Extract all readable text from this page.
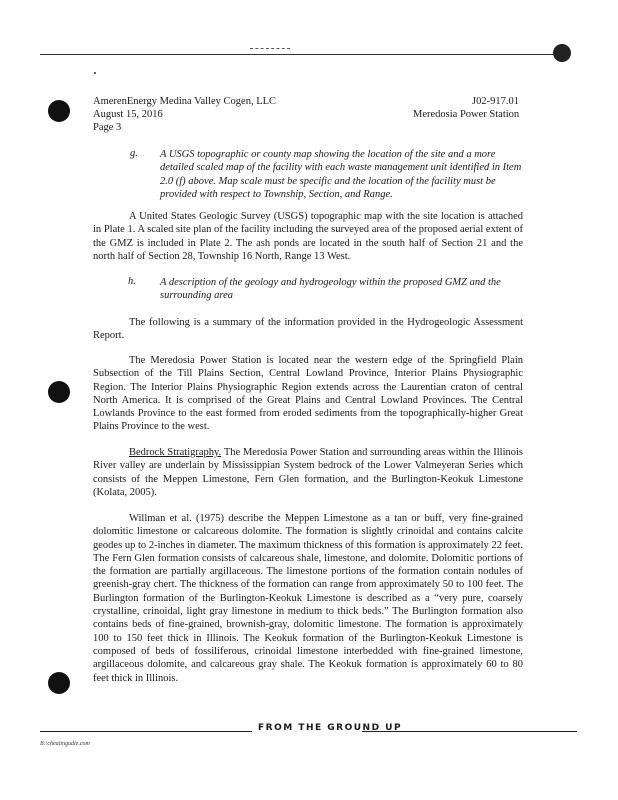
AmerenEnergy Medina Valley Cogen, LLC
August 15, 2016
Page 3
J02-917.01
Meredosia Power Station
g. A USGS topographic or county map showing the location of the site and a more detailed scaled map of the facility with each waste management unit identified in Item 2.0 (f) above. Map scale must be specific and the location of the facility must be provided with respect to Township, Section, and Range.
A United States Geologic Survey (USGS) topographic map with the site location is attached in Plate 1. A scaled site plan of the facility including the surveyed area of the proposed aerial extent of the GMZ is included in Plate 2. The ash ponds are located in the south half of Section 21 and the north half of Section 28, Township 16 North, Range 13 West.
h. A description of the geology and hydrogeology within the proposed GMZ and the surrounding area
The following is a summary of the information provided in the Hydrogeologic Assessment Report.
The Meredosia Power Station is located near the western edge of the Springfield Plain Subsection of the Till Plains Section, Central Lowland Province, Interior Plains Physiographic Region. The Interior Plains Physiographic Region extends across the Laurentian craton of central North America. It is comprised of the Great Plains and Central Lowland Provinces. The Central Lowlands Province to the east formed from eroded sediments from the topographically-higher Great Plains Province to the west.
Bedrock Stratigraphy. The Meredosia Power Station and surrounding areas within the Illinois River valley are underlain by Mississippian System bedrock of the Lower Valmeyeran Series which consists of the Meppen Limestone, Fern Glen formation, and the Burlington-Keokuk Limestone (Kolata, 2005).
Willman et al. (1975) describe the Meppen Limestone as a tan or buff, very fine-grained dolomitic limestone or calcareous dolomite. The formation is slightly crinoidal and contains calcite geodes up to 2-inches in diameter. The maximum thickness of this formation is approximately 22 feet. The Fern Glen formation consists of calcareous shale, limestone, and dolomite. Dolomitic portions of the formation are partially argillaceous. The limestone portions of the formation contain nodules of greenish-gray chert. The thickness of the formation can range from approximately 50 to 100 feet. The Burlington formation of the Burlington-Keokuk Limestone is described as a “very pure, coarsely crystalline, crinoidal, light gray limestone in medium to thick beds.” The Burlington formation also contains beds of fine-grained, brownish-gray, dolomitic limestone. The formation is approximately 100 to 150 feet thick in Illinois. The Keokuk formation of the Burlington-Keokuk Limestone is composed of beds of fossiliferous, crinoidal limestone interbedded with fine-grained limestone, argillaceous dolomite, and calcareous gray shale. The Keokuk formation is approximately 60 to 80 feet thick in Illinois.
FROM THE GROUND UP
B:\cheatingudie.com
